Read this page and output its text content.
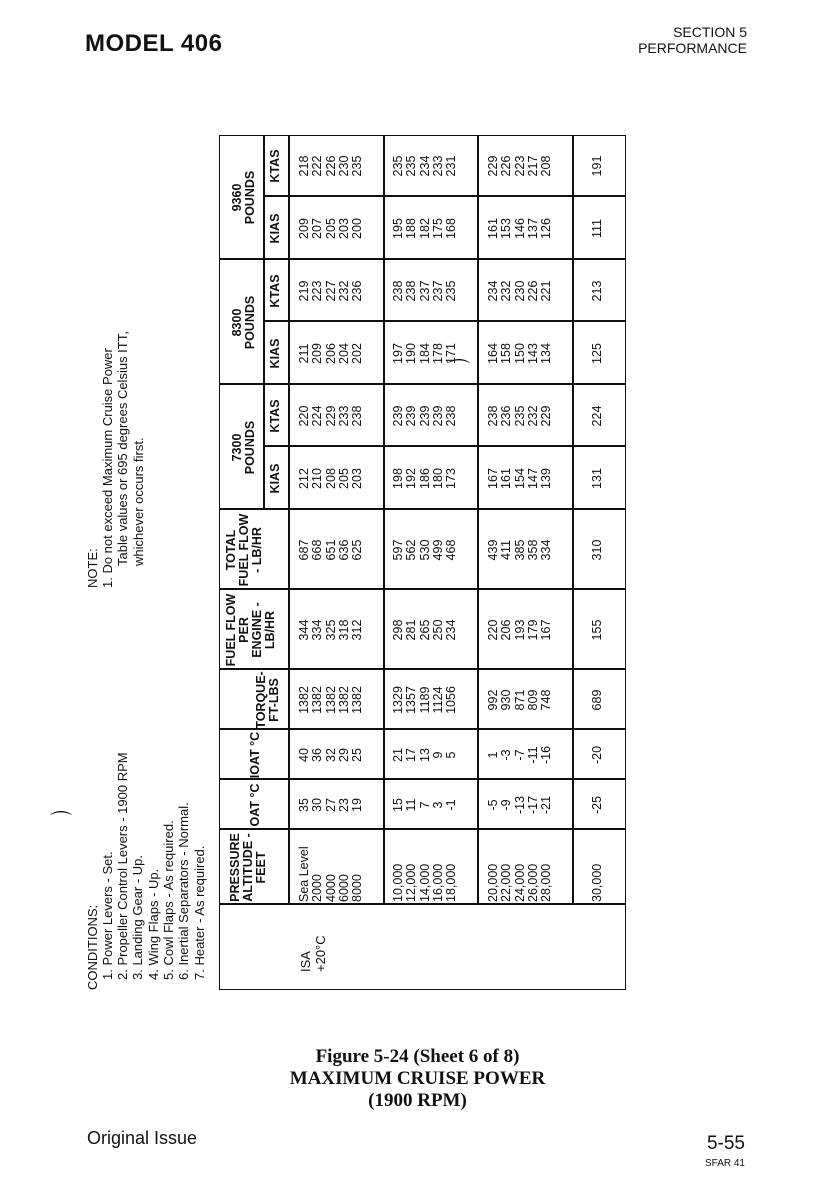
MODEL 406	SECTION 5
PERFORMANCE
⌒
⌒
CONDITIONS: 1. Power Levers - Set. 2. Propeller Control Levers - 1900 RPM 3. Landing Gear - Up. 4. Wing Flaps - Up. 5. Cowl Flaps - As required. 6. Inertial Separators - Normal. 7. Heater - As required.
NOTE: 1. Do not exceed Maximum Cruise Power Table values or 695 degrees Celsius ITT, whichever occurs first.
PRESSURE ALTITUDE - FEET
OAT °C
IOAT °C
TORQUE- FT-LBS
FUEL FLOW PER ENGINE - LB/HR
TOTAL FUEL FLOW - LB/HR
7300 POUNDS
8300 POUNDS
9360 POUNDS
KIAS
KTAS
KIAS
KTAS
KIAS
KTAS
ISA +20°C
Sea Level 2000 4000 6000 8000
35 30 27 23 19
40 36 32 29 25
1382 1382 1382 1382 1382
344 334 325 318 312
687 668 651 636 625
212 210 208 205 203
220 224 229 233 238
211 209 206 204 202
219 223 227 232 236
209 207 205 203 200
218 222 226 230 235
10,000 12,000 14,000 16,000 18,000
15 11 7 3 -1
21 17 13 9 5
1329 1357 1189 1124 1056
298 281 265 250 234
597 562 530 499 468
198 192 186 180 173
239 239 239 239 238
197 190 184 178 171
238 238 237 237 235
195 188 182 175 168
235 235 234 233 231
20,000 22,000 24,000 26,000 28,000
-5 -9 -13 -17 -21
1 -3 -7 -11 -16
992 930 871 809 748
220 206 193 179 167
439 411 385 358 334
167 161 154 147 139
238 236 235 232 229
164 158 150 143 134
234 232 230 226 221
161 153 146 137 126
229 226 223 217 208
30,000
-25
-20
689
155
310
131
224
125
213
111
191
Figure 5-24 (Sheet 6 of 8)
MAXIMUM CRUISE POWER
(1900 RPM)
Original Issue	5-55
SFAR 41
